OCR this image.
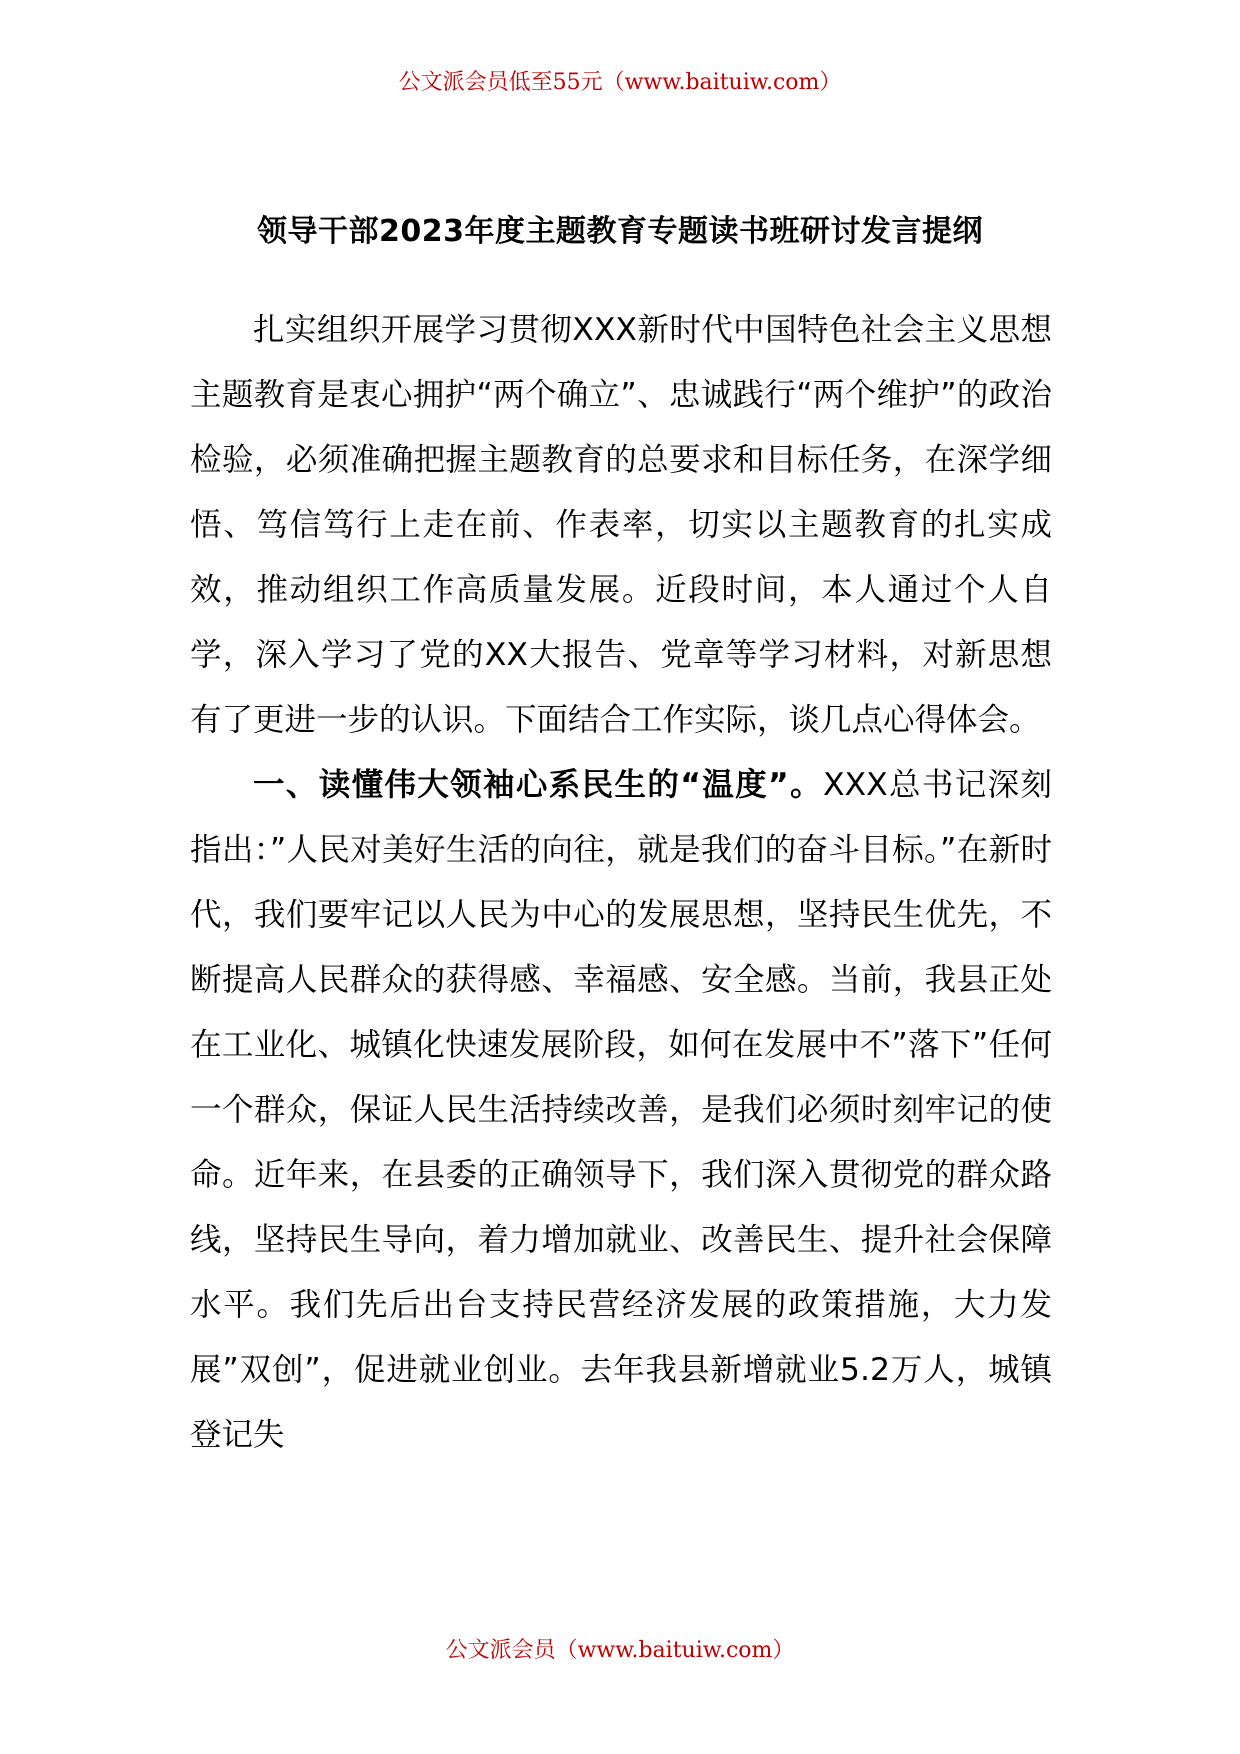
公文派会员低至55元（www.baituiw.com）
领导干部2023年度主题教育专题读书班研讨发言提纲

扎实组织开展学习贯彻XXX新时代中国特色社会主义思想主题教育是衷心拥护“两个确立”、忠诚践行“两个维护”的政治检验，必须准确把握主题教育的总要求和目标任务，在深学细悟、笃信笃行上走在前、作表率，切实以主题教育的扎实成效，推动组织工作高质量发展。近段时间，本人通过个人自学，深入学习了党的XX大报告、党章等学习材料，对新思想有了更进一步的认识。下面结合工作实际，谈几点心得体会。

一、读懂伟大领袖心系民生的“温度”。XXX总书记深刻指出：”人民对美好生活的向往，就是我们的奋斗目标。”在新时代，我们要牢记以人民为中心的发展思想，坚持民生优先，不断提高人民群众的获得感、幸福感、安全感。当前，我县正处在工业化、城镇化快速发展阶段，如何在发展中不”落下”任何一个群众，保证人民生活持续改善，是我们必须时刻牢记的使命。近年来，在县委的正确领导下，我们深入贯彻党的群众路线，坚持民生导向，着力增加就业、改善民生、提升社会保障水平。我们先后出台支持民营经济发展的政策措施，大力发展”双创”，促进就业创业。去年我县新增就业5.2万人，城镇登记失

公文派会员（www.baituiw.com）
